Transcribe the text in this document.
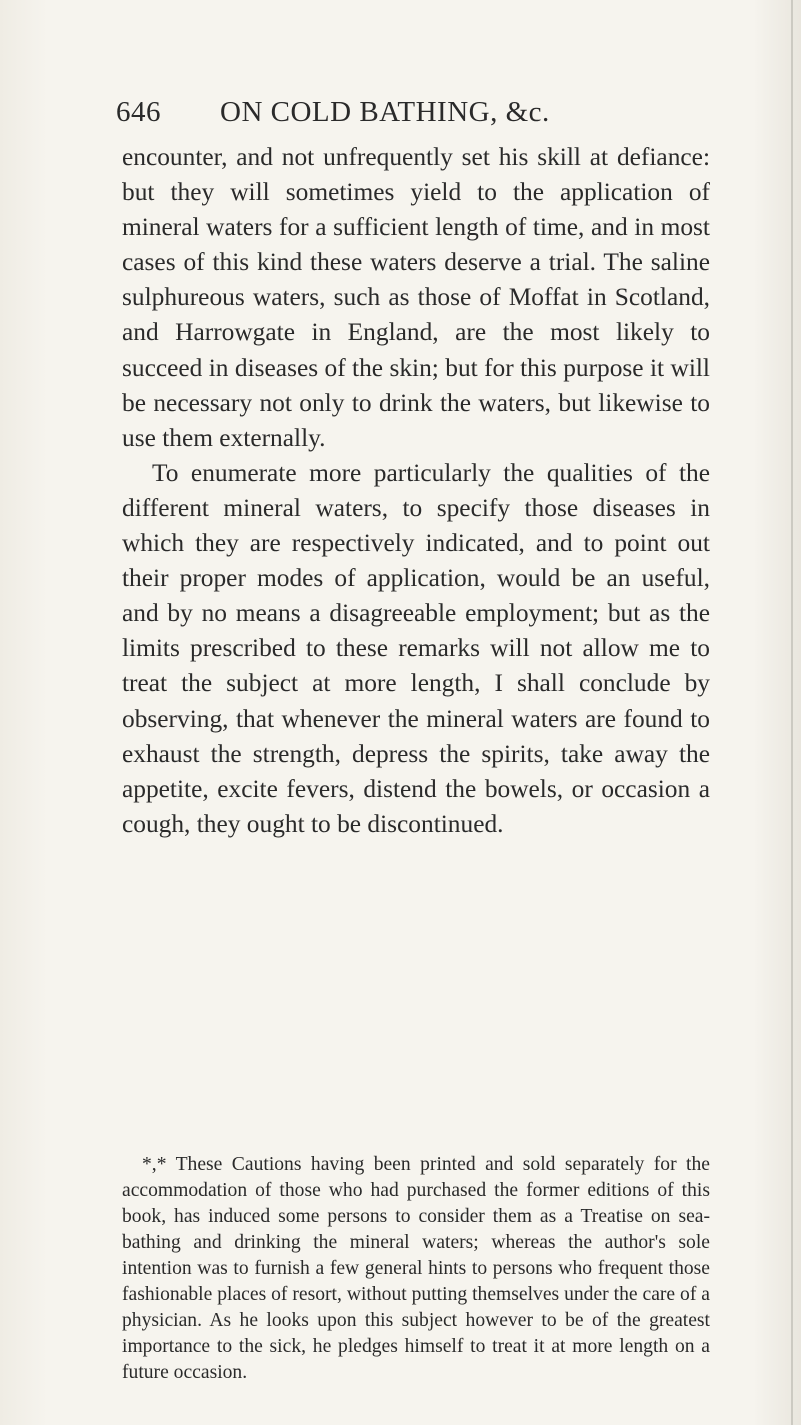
646 ON COLD BATHING, &c.

encounter, and not unfrequently set his skill at defiance: but they will sometimes yield to the application of mineral waters for a sufficient length of time, and in most cases of this kind these waters deserve a trial. The saline sulphureous waters, such as those of Moffat in Scotland, and Harrowgate in England, are the most likely to succeed in diseases of the skin; but for this purpose it will be necessary not only to drink the waters, but likewise to use them externally.

To enumerate more particularly the qualities of the different mineral waters, to specify those diseases in which they are respectively indicated, and to point out their proper modes of application, would be an useful, and by no means a disagreeable employment; but as the limits prescribed to these remarks will not allow me to treat the subject at more length, I shall conclude by observing, that whenever the mineral waters are found to exhaust the strength, depress the spirits, take away the appetite, excite fevers, distend the bowels, or occasion a cough, they ought to be discontinued.

*,* These Cautions having been printed and sold separately for the accommodation of those who had purchased the former editions of this book, has induced some persons to consider them as a Treatise on sea-bathing and drinking the mineral waters; whereas the author's sole intention was to furnish a few general hints to persons who frequent those fashionable places of resort, without putting themselves under the care of a physician. As he looks upon this subject however to be of the greatest importance to the sick, he pledges himself to treat it at more length on a future occasion.
